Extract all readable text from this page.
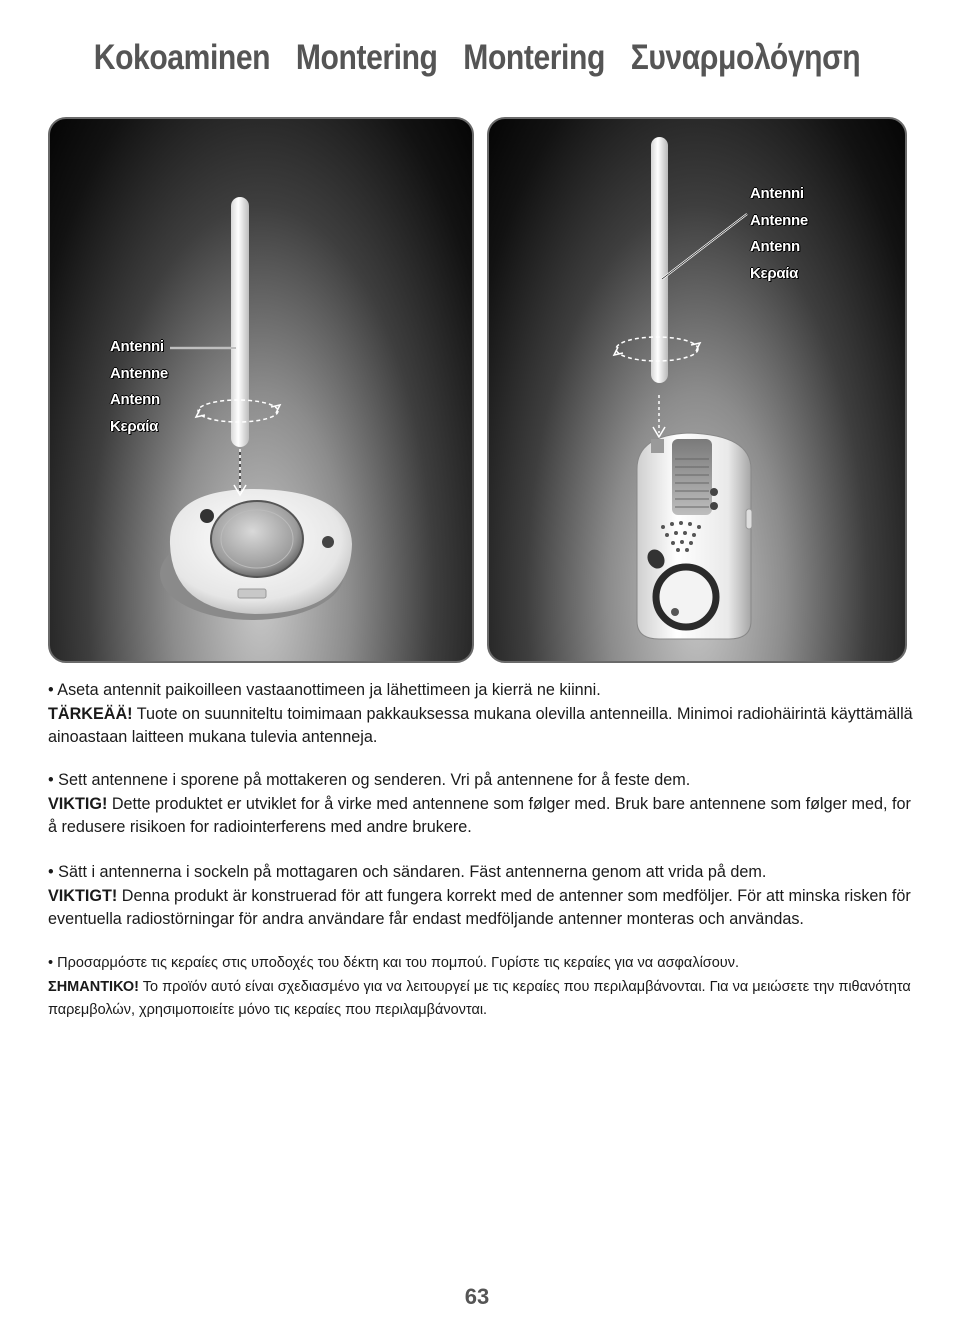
Kokoaminen Montering Montering Συναρμολόγηση
Antenni
Antenne
Antenn
Κεραία
Antenni
Antenne
Antenn
Κεραία

• Aseta antennit paikoilleen vastaanottimeen ja lähettimeen ja kierrä ne kiinni.

TÄRKEÄÄ! Tuote on suunniteltu toimimaan pakkauksessa mukana olevilla antenneilla. Minimoi radiohäirintä käyttämällä ainoastaan laitteen mukana tulevia antenneja.

• Sett antennene i sporene på mottakeren og senderen. Vri på antennene for å feste dem.

VIKTIG! Dette produktet er utviklet for å virke med antennene som følger med. Bruk bare antennene som følger med, for å redusere risikoen for radiointerferens med andre brukere.

• Sätt i antennerna i sockeln på mottagaren och sändaren. Fäst antennerna genom att vrida på dem.

VIKTIGT! Denna produkt är konstruerad för att fungera korrekt med de antenner som medföljer. För att minska risken för eventuella radiostörningar för andra användare får endast medföljande antenner monteras och användas.

• Προσαρμόστε τις κεραίες στις υποδοχές του δέκτη και του πομπού. Γυρίστε τις κεραίες για να ασφαλίσουν.

ΣΗΜΑΝΤΙΚΟ! Το προϊόν αυτό είναι σχεδιασμένο για να λειτουργεί με τις κεραίες που περιλαμβάνονται. Για να μειώσετε την πιθανότητα παρεμβολών, χρησιμοποιείτε μόνο τις κεραίες που περιλαμβάνονται.

63
